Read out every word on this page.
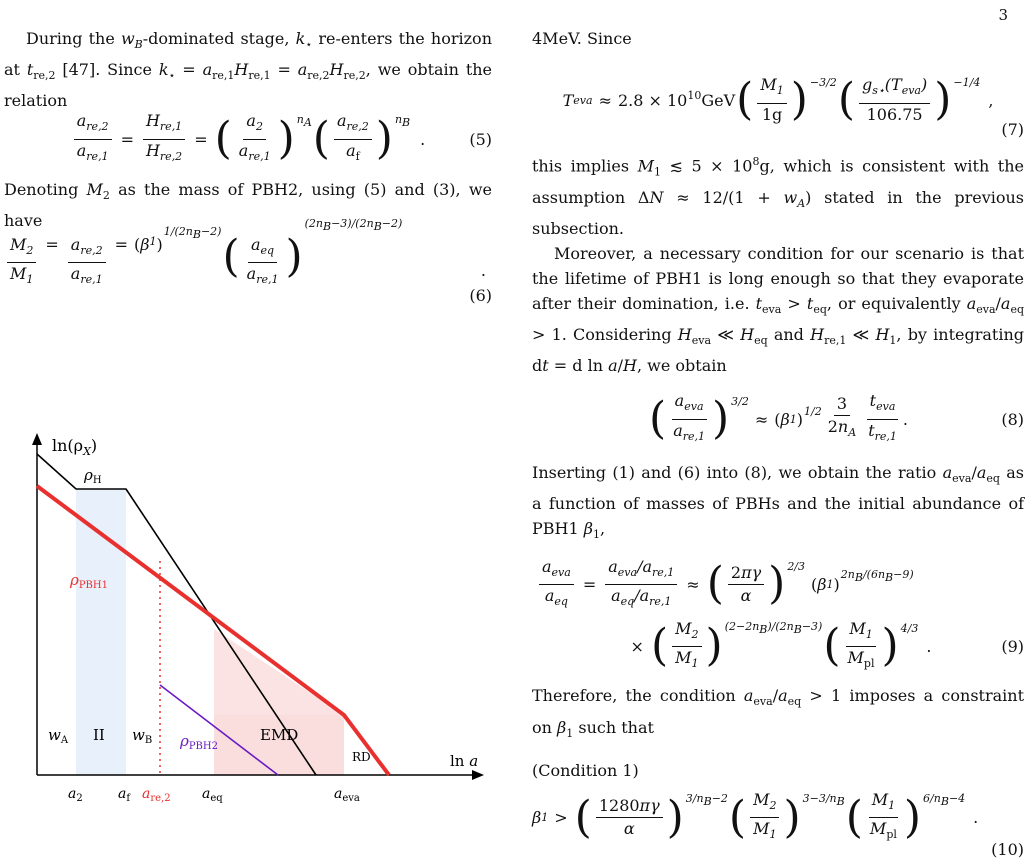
3

During the $w_B$-dominated stage, $k_⋆$ re-enters the horizon at $t_{re,2}$ [47]. Since $k_⋆ = a_{re,1}H_{re,1} = a_{re,2}H_{re,2}$, we obtain the relation

$\frac{a_{re,2}}{a_{re,1}} = \frac{H_{re,1}}{H_{re,2}}$ = ( $\frac{a_2}{a_{re,1}}$ ) $n_A$ ( $\frac{a_{re,2}}{a_f}$ ) $n_B$
.	(5)

Denoting $M_2$ as the mass of PBH2, using (5) and (3), we have

$\frac{M_2}{M_1} = \frac{a_{re,2}}{a_{re,1}}$ = ( β 1 )
$1/(2n_B-2)$ ( $\frac{a_{eq}}{a_{re,1}}$ )
$(2n_B-3)/(2n_B-2)$
.
(6)
$\ln(\rho_X)$
$\rho_H$
$\rho_{PBH1}$
$\rho_{PBH2}$
$w_A$ II $w_B$	EMD
RD	ln a
$a_2$	$a_f$ $a_{re,2}$ $a_{eq}$	$a_{eva}$

4MeV. Since

T eva ≈ $2.8 \times 10^{10}GeV$ ( $\frac{M_1}{1g}$ ) −3/2 ( $\frac{g_{s⋆}(T_{eva})}{106.75}$ ) −1/4
,
(7)

this implies $M_1$ ≲ $5 \times 10^8g$, which is consistent with the assumption $\Delta N \approx 12/(1 + w_A)$ stated in the previous subsection.

Moreover, a necessary condition for our scenario is that the lifetime of PBH1 is long enough so that they evaporate after their domination, i.e. $t_{eva} > t_{eq}$, or equivalently $a_{eva}/a_{eq} > 1$. Considering $H_{eva}$ ≪ $H_{eq}$ and $H_{re,1}$ ≪ $H_1$, by integrating dt = d ln a/H, we obtain

( $\frac{a_{eva}}{a_{re,1}}$ ) 3/2
≈ ( β 1 ) $1/2 \frac{3}{2n_A} \frac{t_{eva}}{t_{re,1}}$ .	(8)

Inserting (1) and (6) into (8), we obtain the ratio $a_{eva}/a_{eq}$ as a function of masses of PBHs and the initial abundance of PBH1 $\beta_1$,

$\frac{a_{eva}}{a_{eq}} = \frac{a_{eva}/a_{re,1}}{a_{eq}/a_{re,1}}$ ≈ ( $\frac{2\pi\gamma}{\alpha}$ ) 2/3
( β 1 )
$2n_B/(6n_B-9)$
× ( $\frac{M_2}{M_1}$ ) $(2-2n_B)/(2n_B-3)$ ( $\frac{M_1}{M_{pl}}$ ) 4/3
.	(9)

Therefore, the condition $a_{eva}/a_{eq} > 1$ imposes a constraint on $\beta_1$ such that

(Condition 1)

β 1 > ( $\frac{1280\pi\gamma}{\alpha}$ ) $3/n_B-2$ ( $\frac{M_2}{M_1}$ ) $3-3/n_B$ ( $\frac{M_1}{M_{pl}}$ ) $6/n_B-4$
.
(10)
